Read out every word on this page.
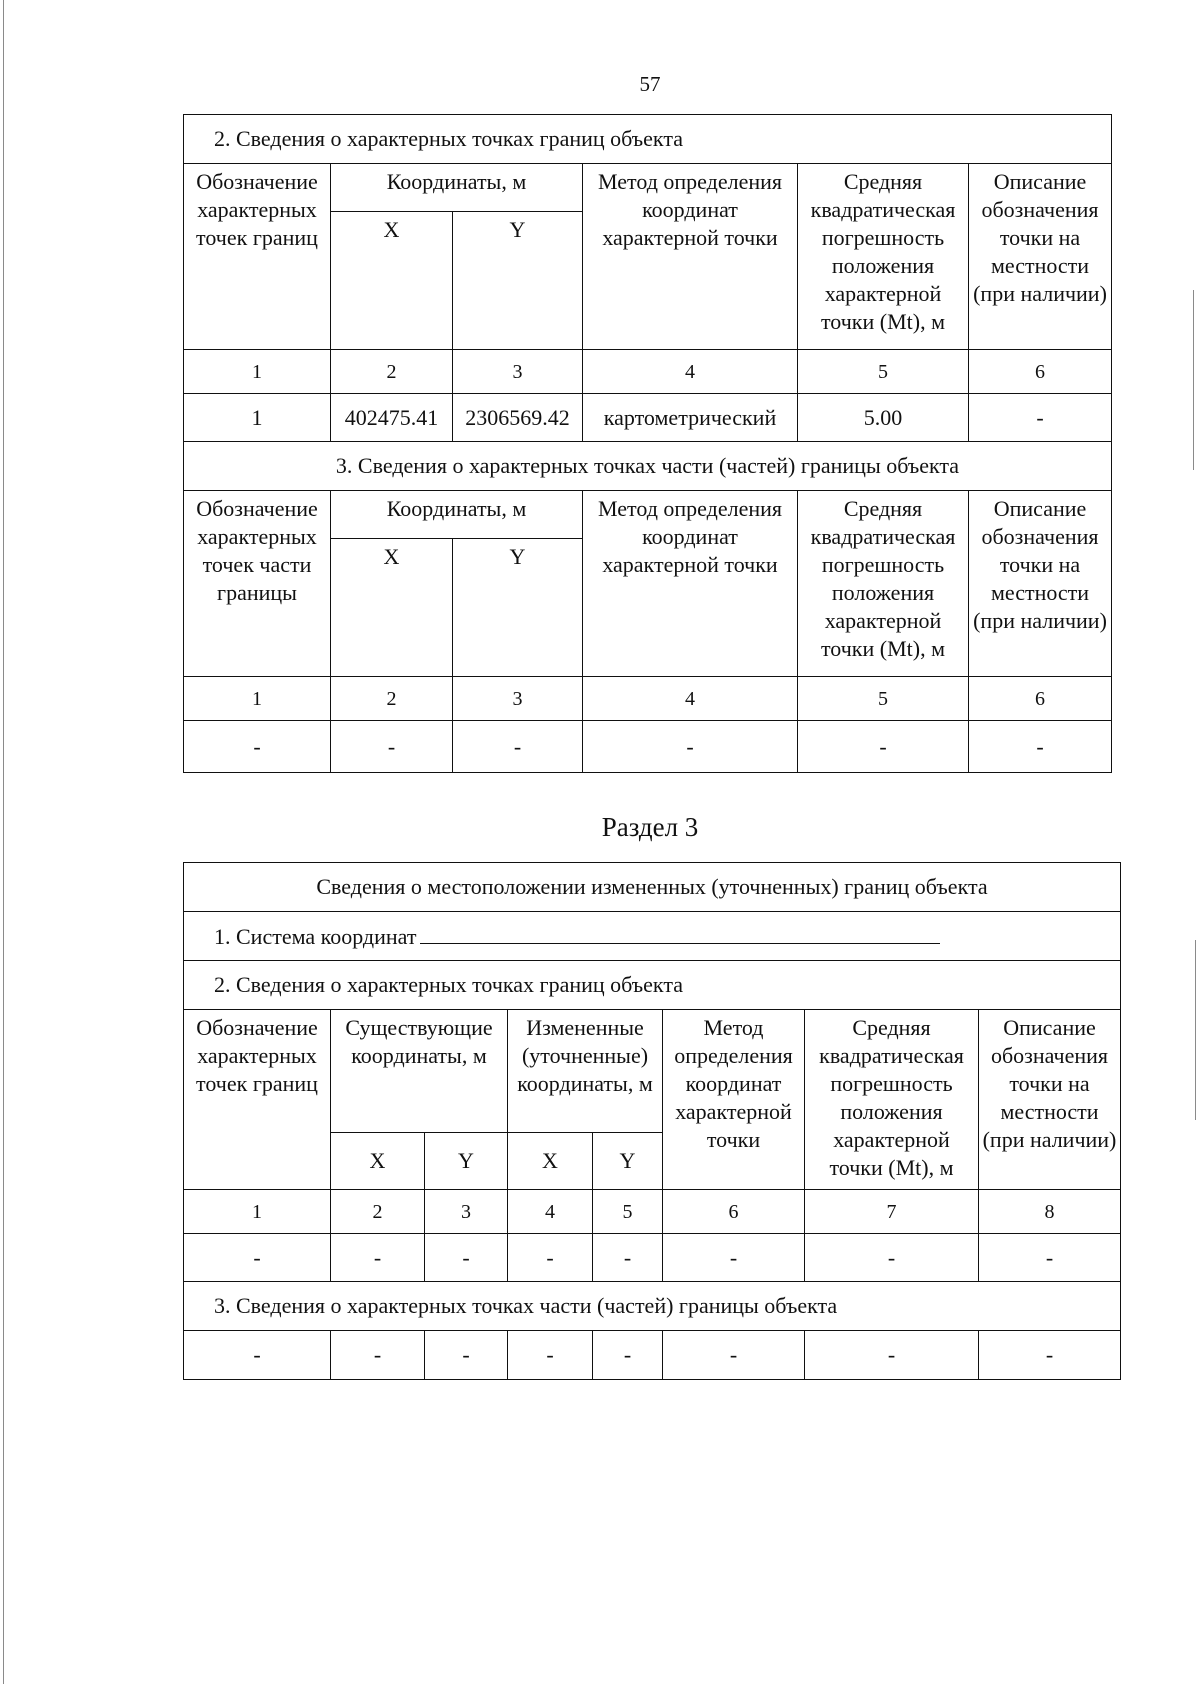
57
2. Сведения о характерных точках границ объекта					
Обозначение характерных точек границ	Координаты, м		Метод определения координат характерной точки	Средняя квадратическая погрешность положения характерной точки (Mt), м	Описание обозначения точки на местности (при наличии)
	X	Y			
1	2	3	4	5	6
1	402475.41	2306569.42	картометрический	5.00	-
3. Сведения о характерных точках части (частей) границы объекта					
Обозначение характерных точек части границы	Координаты, м		Метод определения координат характерной точки	Средняя квадратическая погрешность положения характерной точки (Mt), м	Описание обозначения точки на местности (при наличии)
	X	Y			
1	2	3	4	5	6
-	-	-	-	-	-
Раздел 3
Сведения о местоположении измененных (уточненных) границ объекта							
1. Система координат							
2. Сведения о характерных точках границ объекта							
Обозначение характерных точек границ	Существующие координаты, м		Измененные (уточненные) координаты, м		Метод определения координат характерной точки	Средняя квадратическая погрешность положения характерной точки (Mt), м	Описание обозначения точки на местности (при наличии)
	X	Y	X	Y			
1	2	3	4	5	6	7	8
-	-	-	-	-	-	-	-
3. Сведения о характерных точках части (частей) границы объекта							
-	-	-	-	-	-	-	-
